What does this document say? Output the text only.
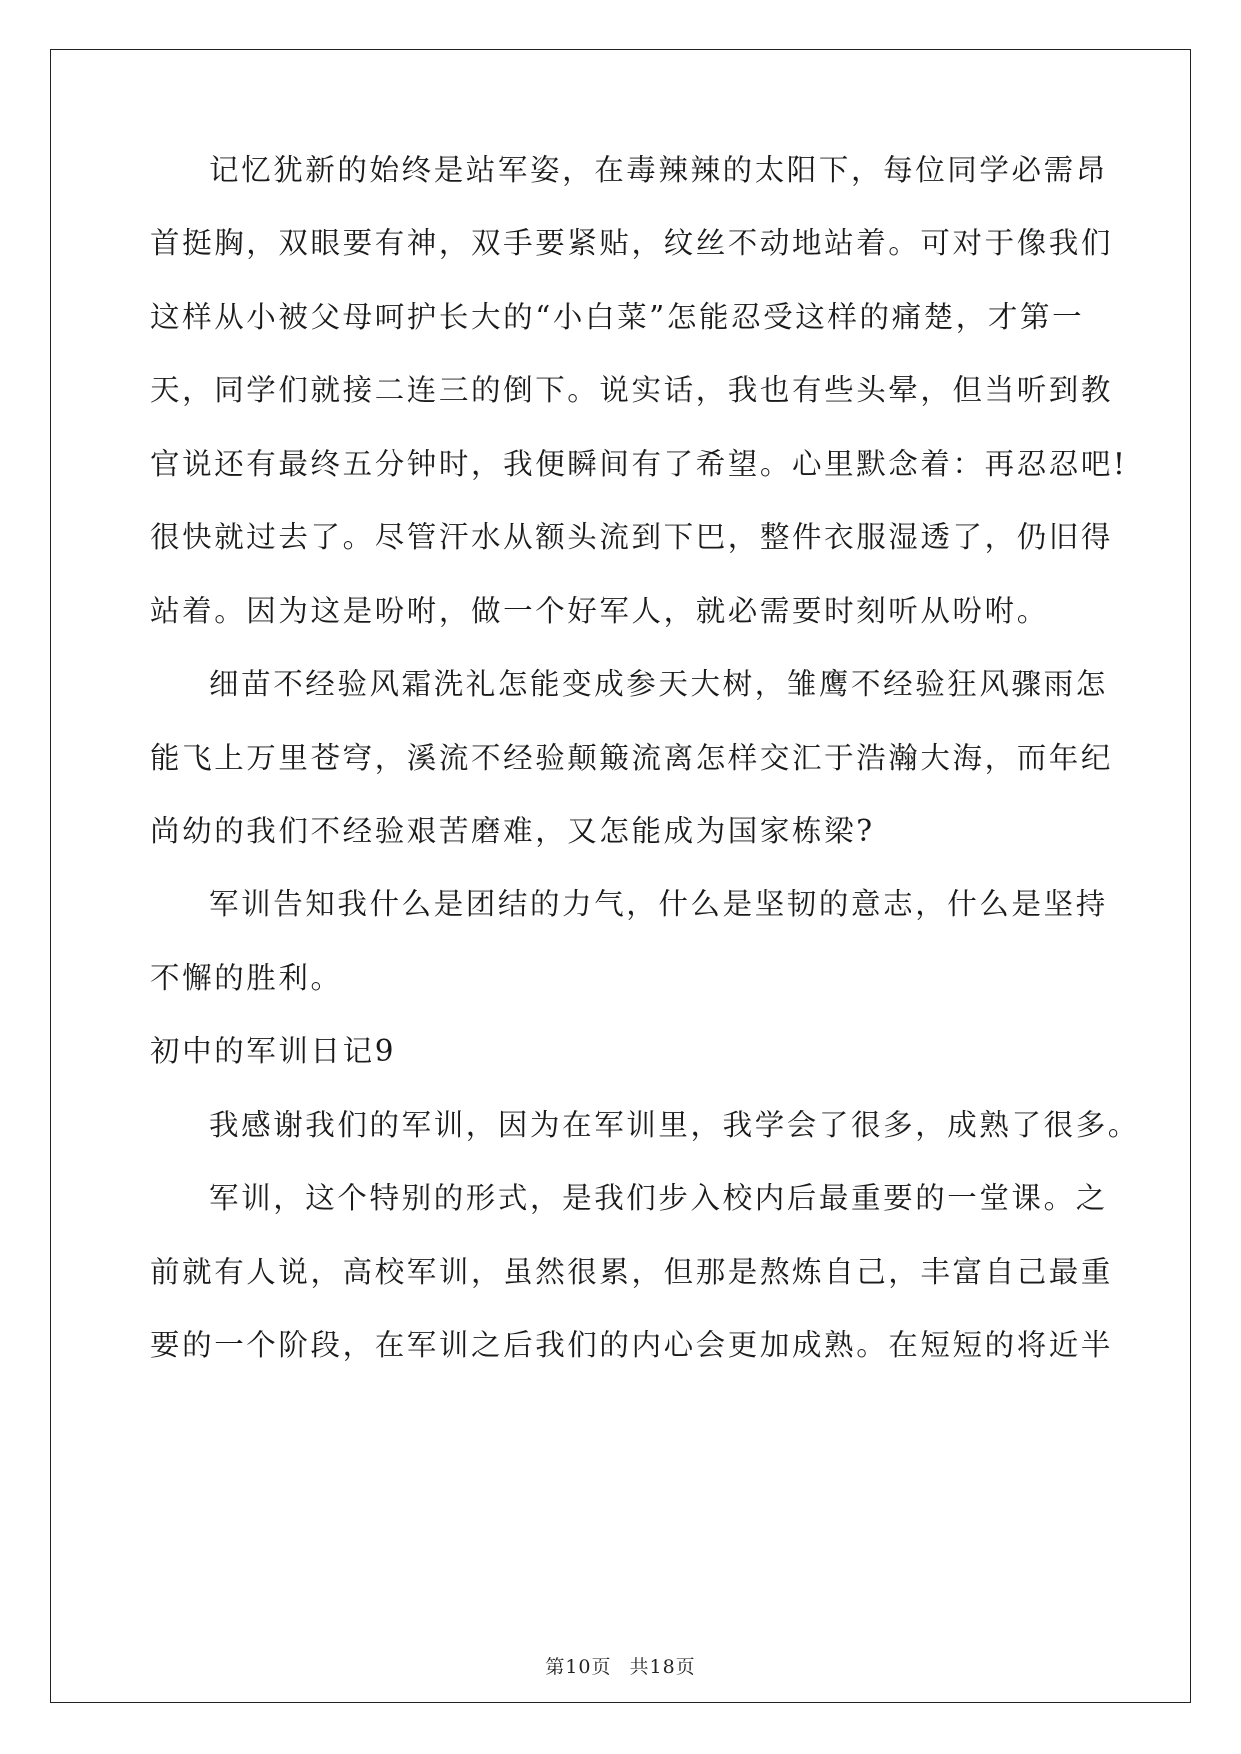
记忆犹新的始终是站军姿，在毒辣辣的太阳下，每位同学必需昂
首挺胸，双眼要有神，双手要紧贴，纹丝不动地站着。可对于像我们
这样从小被父母呵护长大的“小白菜”怎能忍受这样的痛楚，才第一
天，同学们就接二连三的倒下。说实话，我也有些头晕，但当听到教
官说还有最终五分钟时，我便瞬间有了希望。心里默念着：再忍忍吧!
很快就过去了。尽管汗水从额头流到下巴，整件衣服湿透了，仍旧得
站着。因为这是吩咐，做一个好军人，就必需要时刻听从吩咐。
细苗不经验风霜洗礼怎能变成参天大树，雏鹰不经验狂风骤雨怎
能飞上万里苍穹，溪流不经验颠簸流离怎样交汇于浩瀚大海，而年纪
尚幼的我们不经验艰苦磨难，又怎能成为国家栋梁?
军训告知我什么是团结的力气，什么是坚韧的意志，什么是坚持
不懈的胜利。
初中的军训日记9
我感谢我们的军训，因为在军训里，我学会了很多，成熟了很多。
军训，这个特别的形式，是我们步入校内后最重要的一堂课。之
前就有人说，高校军训，虽然很累，但那是熬炼自己，丰富自己最重
要的一个阶段，在军训之后我们的内心会更加成熟。在短短的将近半
第10页 共18页
